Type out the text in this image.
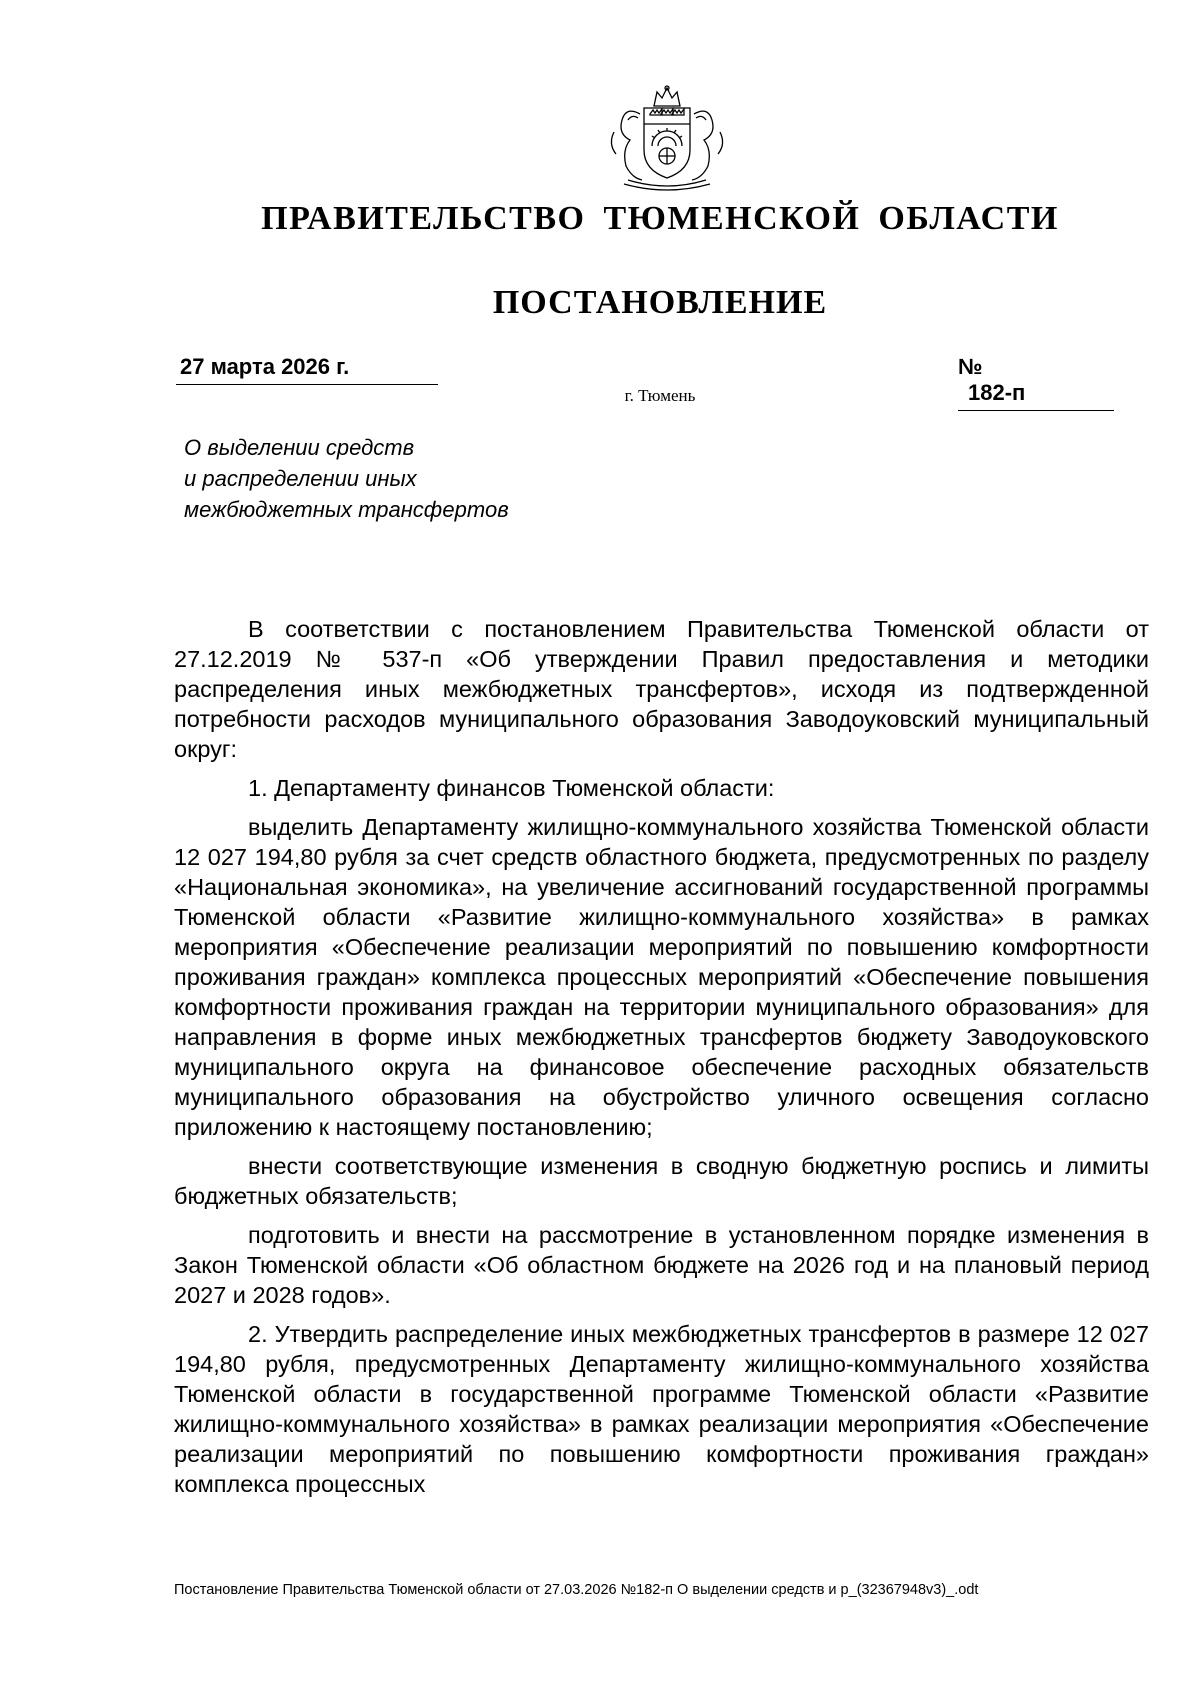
ПРАВИТЕЛЬСТВО ТЮМЕНСКОЙ ОБЛАСТИ
ПОСТАНОВЛЕНИЕ
27 марта 2026 г.	№ 182-п
г. Тюмень
О выделении средств
и распределении иных
межбюджетных трансфертов

В соответствии с постановлением Правительства Тюменской области от 27.12.2019 № 537-п «Об утверждении Правил предоставления и методики распределения иных межбюджетных трансфертов», исходя из подтвержденной потребности расходов муниципального образования Заводоуковский муниципальный округ:

1. Департаменту финансов Тюменской области:

выделить Департаменту жилищно-коммунального хозяйства Тюменской области 12 027 194,80 рубля за счет средств областного бюджета, предусмотренных по разделу «Национальная экономика», на увеличение ассигнований государственной программы Тюменской области «Развитие жилищно-коммунального хозяйства» в рамках мероприятия «Обеспечение реализации мероприятий по повышению комфортности проживания граждан» комплекса процессных мероприятий «Обеспечение повышения комфортности проживания граждан на территории муниципального образования» для направления в форме иных межбюджетных трансфертов бюджету Заводоуковского муниципального округа на финансовое обеспечение расходных обязательств муниципального образования на обустройство уличного освещения согласно приложению к настоящему постановлению;

внести соответствующие изменения в сводную бюджетную роспись и лимиты бюджетных обязательств;

подготовить и внести на рассмотрение в установленном порядке изменения в Закон Тюменской области «Об областном бюджете на 2026 год и на плановый период 2027 и 2028 годов».

2. Утвердить распределение иных межбюджетных трансфертов в размере 12 027 194,80 рубля, предусмотренных Департаменту жилищно-коммунального хозяйства Тюменской области в государственной программе Тюменской области «Развитие жилищно-коммунального хозяйства» в рамках реализации мероприятия «Обеспечение реализации мероприятий по повышению комфортности проживания граждан» комплекса процессных

Постановление Правительства Тюменской области от 27.03.2026 №182-п О выделении средств и р_(32367948v3)_.odt
